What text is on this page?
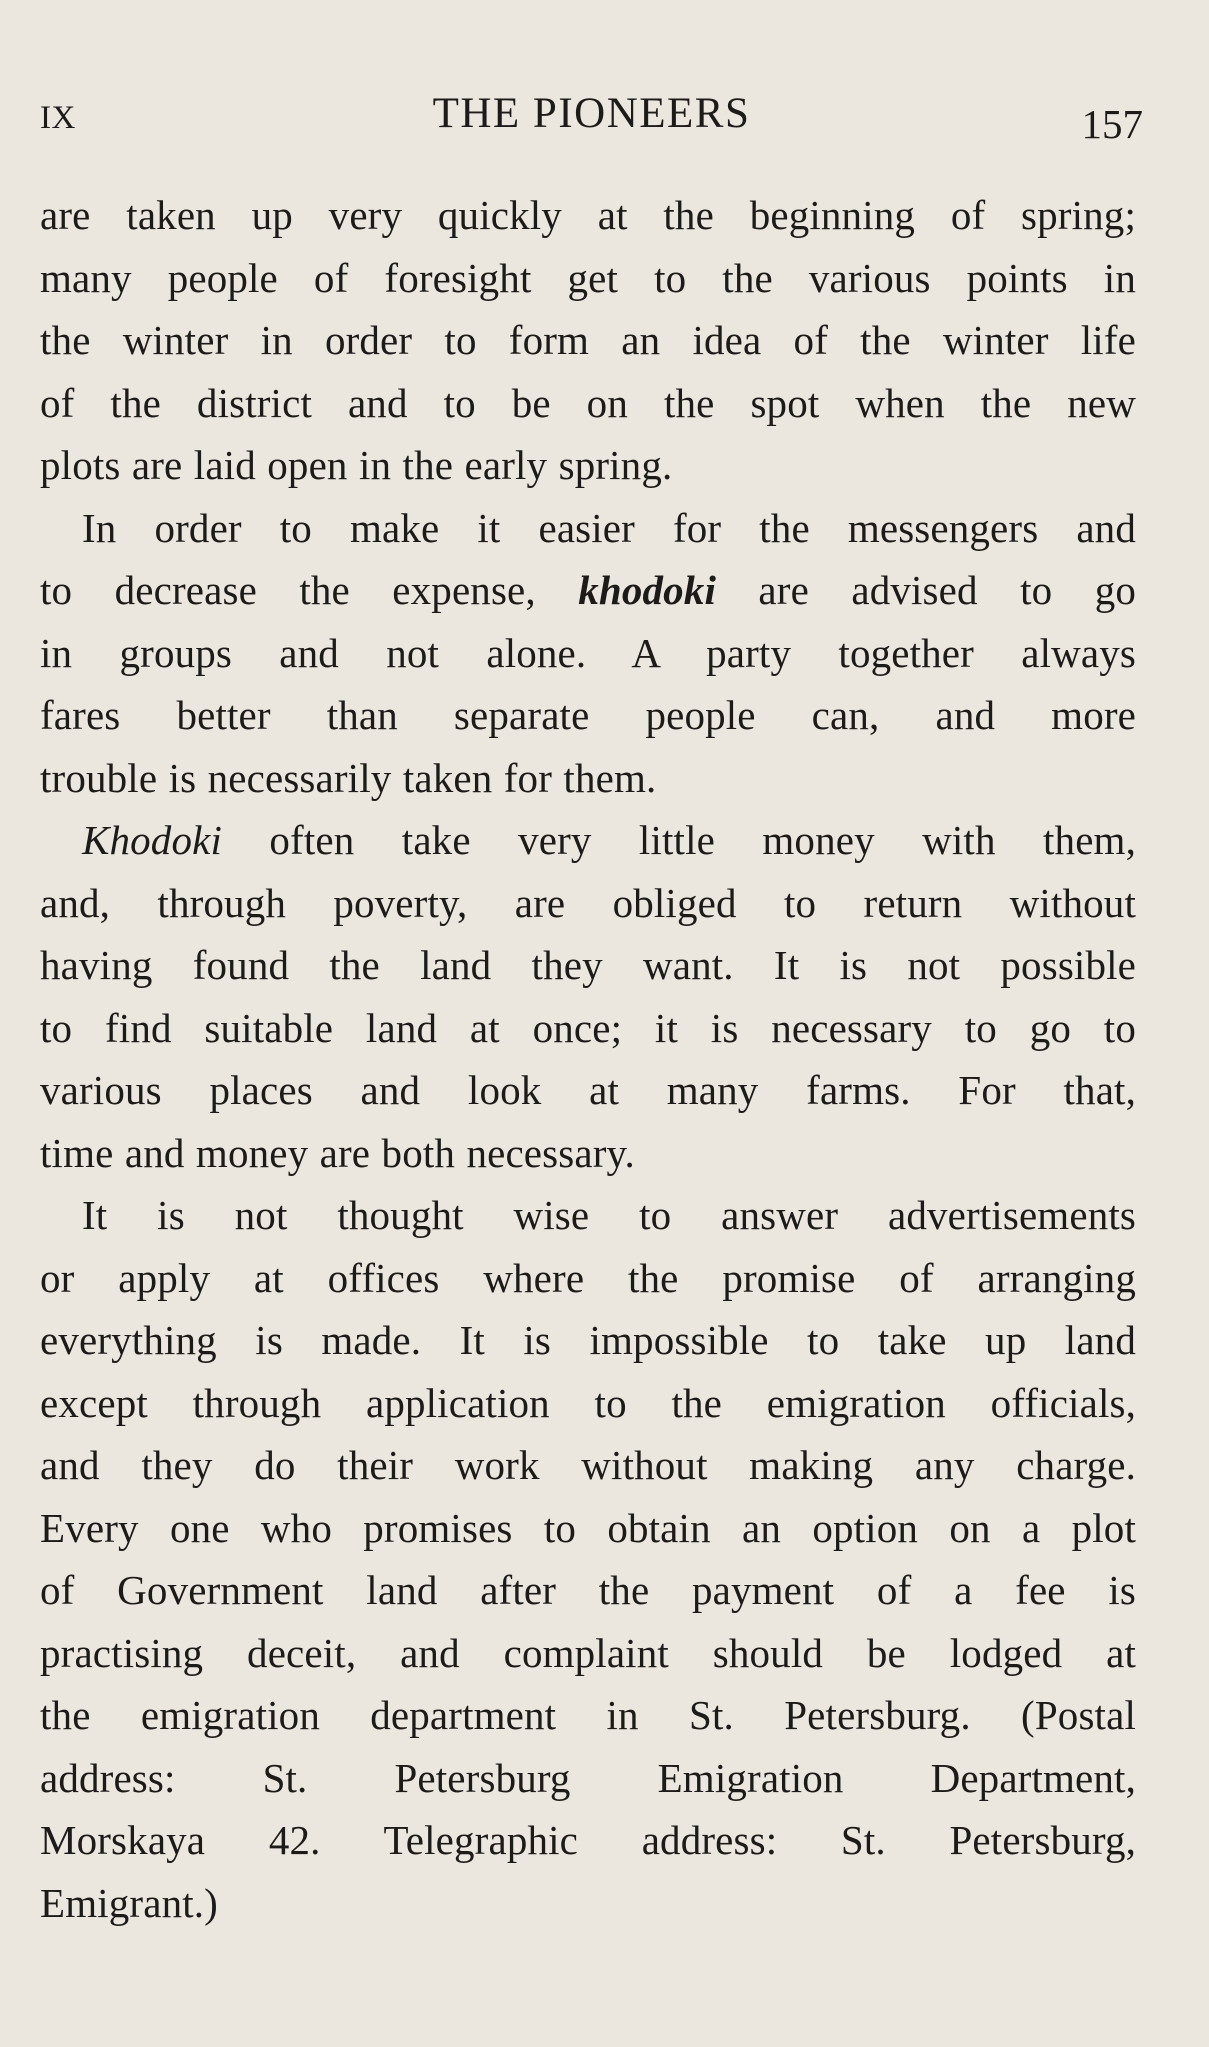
IX	THE PIONEERS	157
are taken up very quickly at the beginning of spring;
many people of foresight get to the various points in
the winter in order to form an idea of the winter life
of the district and to be on the spot when the new
plots are laid open in the early spring.
In order to make it easier for the messengers and
to decrease the expense, khodoki are advised to go
in groups and not alone. A party together always
fares better than separate people can, and more
trouble is necessarily taken for them.
Khodoki often take very little money with them,
and, through poverty, are obliged to return without
having found the land they want. It is not possible
to find suitable land at once; it is necessary to go to
various places and look at many farms. For that,
time and money are both necessary.
It is not thought wise to answer advertisements
or apply at offices where the promise of arranging
everything is made. It is impossible to take up land
except through application to the emigration officials,
and they do their work without making any charge.
Every one who promises to obtain an option on a plot
of Government land after the payment of a fee is
practising deceit, and complaint should be lodged at
the emigration department in St. Petersburg. (Postal
address: St. Petersburg Emigration Department,
Morskaya 42. Telegraphic address: St. Petersburg,
Emigrant.)
